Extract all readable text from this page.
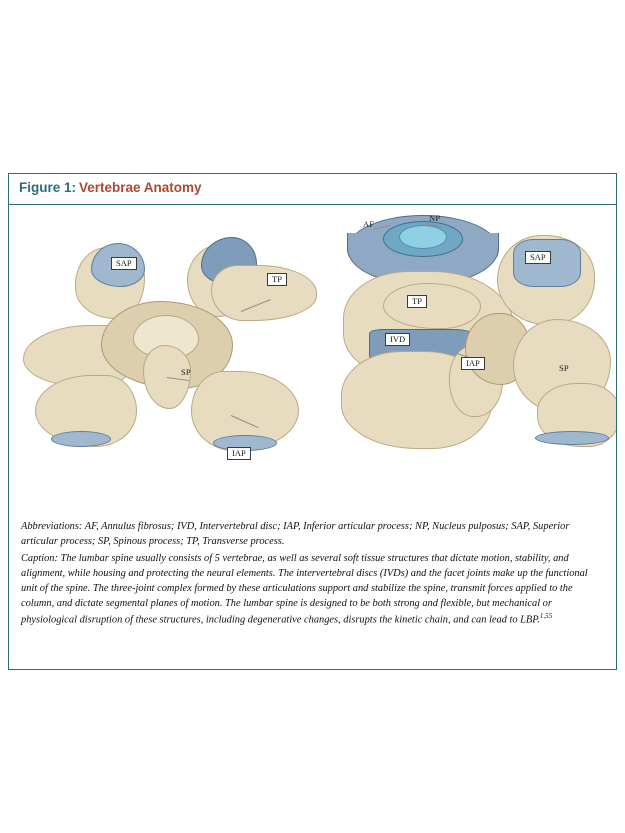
Figure 1: Vertebrae Anatomy
SAP
TP
SP
IAP
NP
AF
SAP
TP
IVD
IAP	SP

Abbreviations: AF, Annulus fibrosus; IVD, Intervertebral disc; IAP, Inferior articular process; NP, Nucleus pulposus; SAP, Superior articular process; SP, Spinous process; TP, Transverse process.

Caption: The lumbar spine usually consists of 5 vertebrae, as well as several soft tissue structures that dictate motion, stability, and alignment, while housing and protecting the neural elements. The intervertebral discs (IVDs) and the facet joints make up the functional unit of the spine. The three-joint complex formed by these articulations support and stabilize the spine, transmit forces applied to the column, and dictate segmental planes of motion. The lumbar spine is designed to be both strong and flexible, but mechanical or physiological disruption of these structures, including degenerative changes, disrupts the kinetic chain, and can lead to LBP.$^{1,55}$
